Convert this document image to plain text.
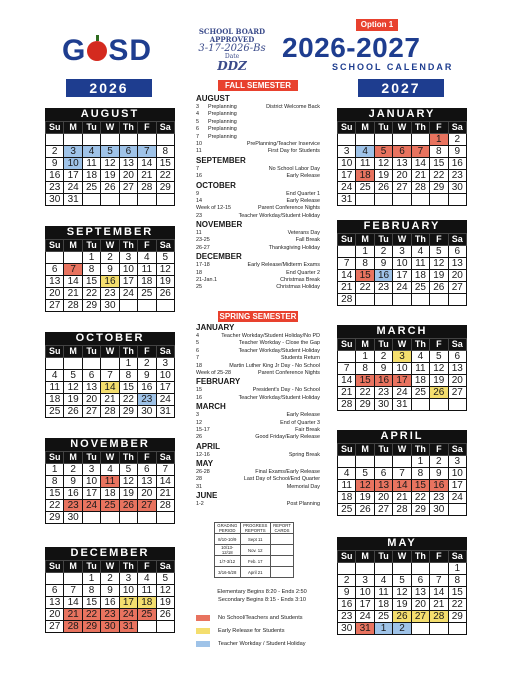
G SD
SCHOOL BOARD
APPROVED
3-17-2026-Bs
Date
DDZ
Option 1
2026-2027
SCHOOL CALENDAR
2026	2027
AUGUST
Su	M	Tu	W	Th	F	Sa

2	3	4	5	6	7	8
9	10	11	12	13	14	15
16	17	18	19	20	21	22
23	24	25	26	27	28	29
30	31					
SEPTEMBER
Su	M	Tu	W	Th	F	Sa
		1	2	3	4	5
6	7	8	9	10	11	12
13	14	15	16	17	18	19
20	21	22	23	24	25	26
27	28	29	30			
OCTOBER
Su	M	Tu	W	Th	F	Sa
				1	2	3
4	5	6	7	8	9	10
11	12	13	14	15	16	17
18	19	20	21	22	23	24
25	26	27	28	29	30	31
NOVEMBER
Su	M	Tu	W	Th	F	Sa
1	2	3	4	5	6	7
8	9	10	11	12	13	14
15	16	17	18	19	20	21
22	23	24	25	26	27	28
29	30					
DECEMBER
Su	M	Tu	W	Th	F	Sa
		1	2	3	4	5
6	7	8	9	10	11	12
13	14	15	16	17	18	19
20	21	22	23	24	25	26
27	28	29	30	31		
JANUARY
Su	M	Tu	W	Th	F	Sa
					1	2
3	4	5	6	7	8	9
10	11	12	13	14	15	16
17	18	19	20	21	22	23
24	25	26	27	28	29	30
31						
FEBRUARY
Su	M	Tu	W	Th	F	Sa
	1	2	3	4	5	6
7	8	9	10	11	12	13
14	15	16	17	18	19	20
21	22	23	24	25	26	27
28						
MARCH
Su	M	Tu	W	Th	F	Sa
	1	2	3	4	5	6
7	8	9	10	11	12	13
14	15	16	17	18	19	20
21	22	23	24	25	26	27
28	29	30	31			
APRIL
Su	M	Tu	W	Th	F	Sa
				1	2	3
4	5	6	7	8	9	10
11	12	13	14	15	16	17
18	19	20	21	22	23	24
25	26	27	28	29	30	
MAY
Su	M	Tu	W	Th	F	Sa
						1
2	3	4	5	6	7	8
9	10	11	12	13	14	15
16	17	18	19	20	21	22
23	24	25	26	27	28	29
30	31	1	2			
FALL SEMESTER
AUGUST
3 Preplanning	District Welcome Back
4 Preplanning
5 Preplanning
6 Preplanning
7 Preplanning
10	PrePlanning/Teacher Inservice
11	First Day for Students
SEPTEMBER
7	No School Labor Day
16	Early Release
OCTOBER
9	End Quarter 1
14	Early Release
Week of 12-15	Parent Conference Nights
23	Teacher Workday/Student Holiday
NOVEMBER
11	Veterans Day
23-25	Fall Break
26-27	Thanksgiving Holiday
DECEMBER
17-18	Early Release/Midterm Exams
18	End Quarter 2
21-Jan.1	Christmas Break
25	Christmas Holiday
SPRING SEMESTER
JANUARY
4	Teacher Workday/Student Holiday/No PD
5	Teacher Workday - Close the Gap
6	Teacher Workday/Student Holiday
7	Students Return
18	Martin Luther King Jr Day - No School
Week of 25-28	Parent Conference Nights
FEBRUARY
15	President's Day - No School
16	Teacher Workday/Student Holiday
MARCH
3	Early Release
12	End of Quarter 3
15-17	Fair Break
26	Good Friday/Early Release
APRIL
12-16	Spring Break
MAY
26-28	Final Exams/Early Release
28	Last Day of School/End Quarter
31	Memorial Day
JUNE
1-2	Post Planning
GRADING PERIOD	PROGRESS REPORTS	REPORT CARDS
8/10-10/9	Sept 11	
10/13-12/18	Nov. 12	
1/7-3/12	Feb. 17	
3/16-5/28	April 21	
Elementary Begins 8:20 - Ends 2:50
Secondary Begins 8:15 - Ends 3:10
No School/Teachers and Students
Early Release for Students
Teacher Workday / Student Holiday
